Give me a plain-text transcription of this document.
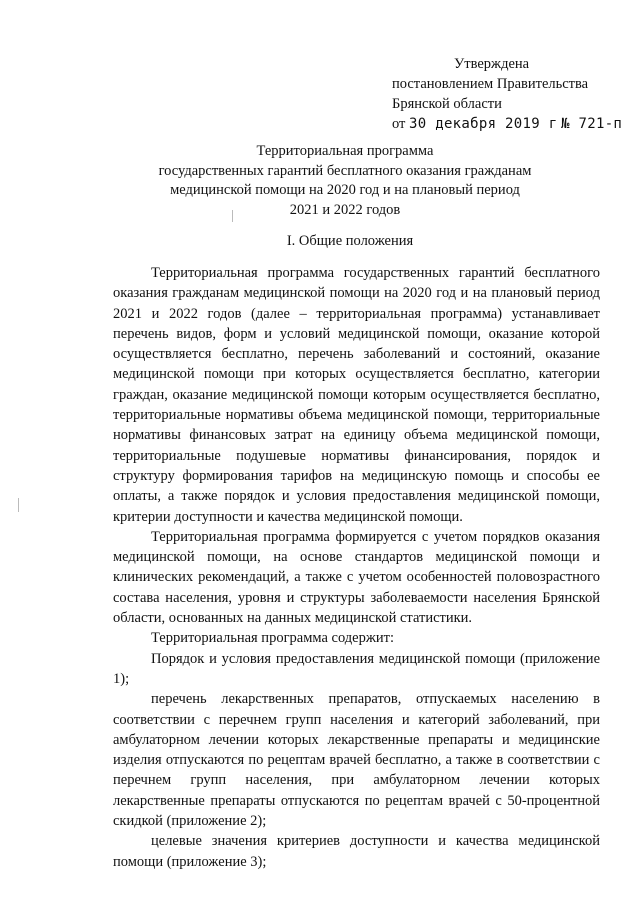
Утверждена
постановлением Правительства
Брянской области
от 30 декабря 2019 г № 721-п
Территориальная программа
государственных гарантий бесплатного оказания гражданам
медицинской помощи на 2020 год и на плановый период
2021 и 2022 годов
I. Общие положения

Территориальная программа государственных гарантий бесплатного оказания гражданам медицинской помощи на 2020 год и на плановый период 2021 и 2022 годов (далее – территориальная программа) устанавливает перечень видов, форм и условий медицинской помощи, оказание которой осуществляется бесплатно, перечень заболеваний и состояний, оказание медицинской помощи при которых осуществляется бесплатно, категории граждан, оказание медицинской помощи которым осуществляется бесплатно, территориальные нормативы объема медицинской помощи, территориальные нормативы финансовых затрат на единицу объема медицинской помощи, территориальные подушевые нормативы финансирования, порядок и структуру формирования тарифов на медицинскую помощь и способы ее оплаты, а также порядок и условия предоставления медицинской помощи, критерии доступности и качества медицинской помощи.

Территориальная программа формируется с учетом порядков оказания медицинской помощи, на основе стандартов медицинской помощи и клинических рекомендаций, а также с учетом особенностей половозрастного состава населения, уровня и структуры заболеваемости населения Брянской области, основанных на данных медицинской статистики.

Территориальная программа содержит:

Порядок и условия предоставления медицинской помощи (приложение 1);

перечень лекарственных препаратов, отпускаемых населению в соответствии с перечнем групп населения и категорий заболеваний, при амбулаторном лечении которых лекарственные препараты и медицинские изделия отпускаются по рецептам врачей бесплатно, а также в соответствии с перечнем групп населения, при амбулаторном лечении которых лекарственные препараты отпускаются по рецептам врачей с 50-процентной скидкой (приложение 2);

целевые значения критериев доступности и качества медицинской помощи (приложение 3);
